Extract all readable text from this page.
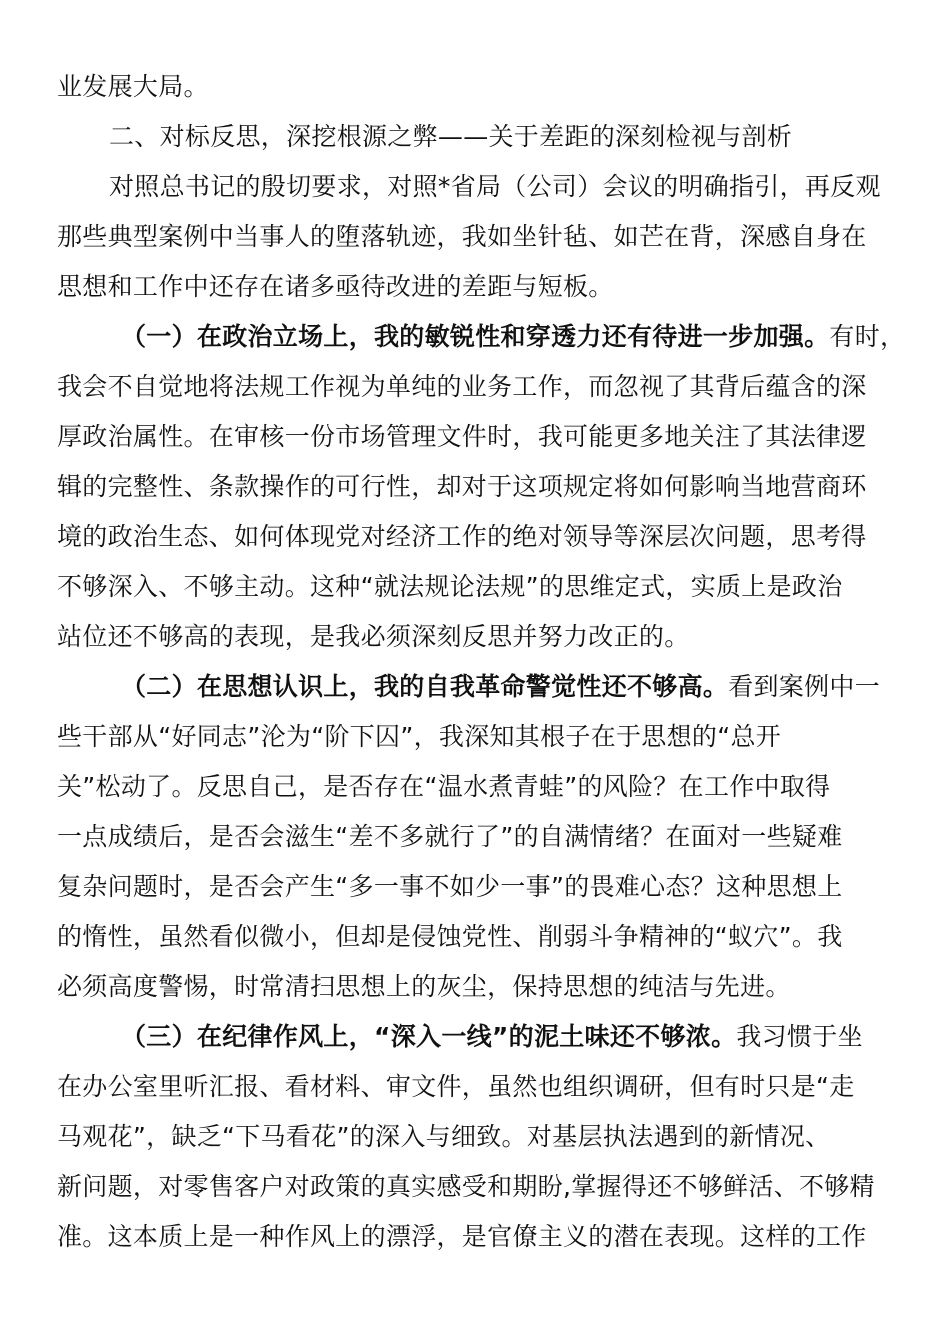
业发展大局。
二、对标反思，深挖根源之弊——关于差距的深刻检视与剖析
对照总书记的殷切要求，对照*省局（公司）会议的明确指引，再反观
那些典型案例中当事人的堕落轨迹，我如坐针毡、如芒在背，深感自身在
思想和工作中还存在诸多亟待改进的差距与短板。
（一）在政治立场上，我的敏锐性和穿透力还有待进一步加强。有时，
我会不自觉地将法规工作视为单纯的业务工作，而忽视了其背后蕴含的深
厚政治属性。在审核一份市场管理文件时，我可能更多地关注了其法律逻
辑的完整性、条款操作的可行性，却对于这项规定将如何影响当地营商环
境的政治生态、如何体现党对经济工作的绝对领导等深层次问题，思考得
不够深入、不够主动。这种“就法规论法规”的思维定式，实质上是政治
站位还不够高的表现，是我必须深刻反思并努力改正的。
（二）在思想认识上，我的自我革命警觉性还不够高。看到案例中一
些干部从“好同志”沦为“阶下囚”，我深知其根子在于思想的“总开
关”松动了。反思自己，是否存在“温水煮青蛙”的风险？在工作中取得
一点成绩后，是否会滋生“差不多就行了”的自满情绪？在面对一些疑难
复杂问题时，是否会产生“多一事不如少一事”的畏难心态？这种思想上
的惰性，虽然看似微小，但却是侵蚀党性、削弱斗争精神的“蚁穴”。我
必须高度警惕，时常清扫思想上的灰尘，保持思想的纯洁与先进。
（三）在纪律作风上，“深入一线”的泥土味还不够浓。我习惯于坐
在办公室里听汇报、看材料、审文件，虽然也组织调研，但有时只是“走
马观花”，缺乏“下马看花”的深入与细致。对基层执法遇到的新情况、
新问题，对零售客户对政策的真实感受和期盼,掌握得还不够鲜活、不够精
准。这本质上是一种作风上的漂浮，是官僚主义的潜在表现。这样的工作
